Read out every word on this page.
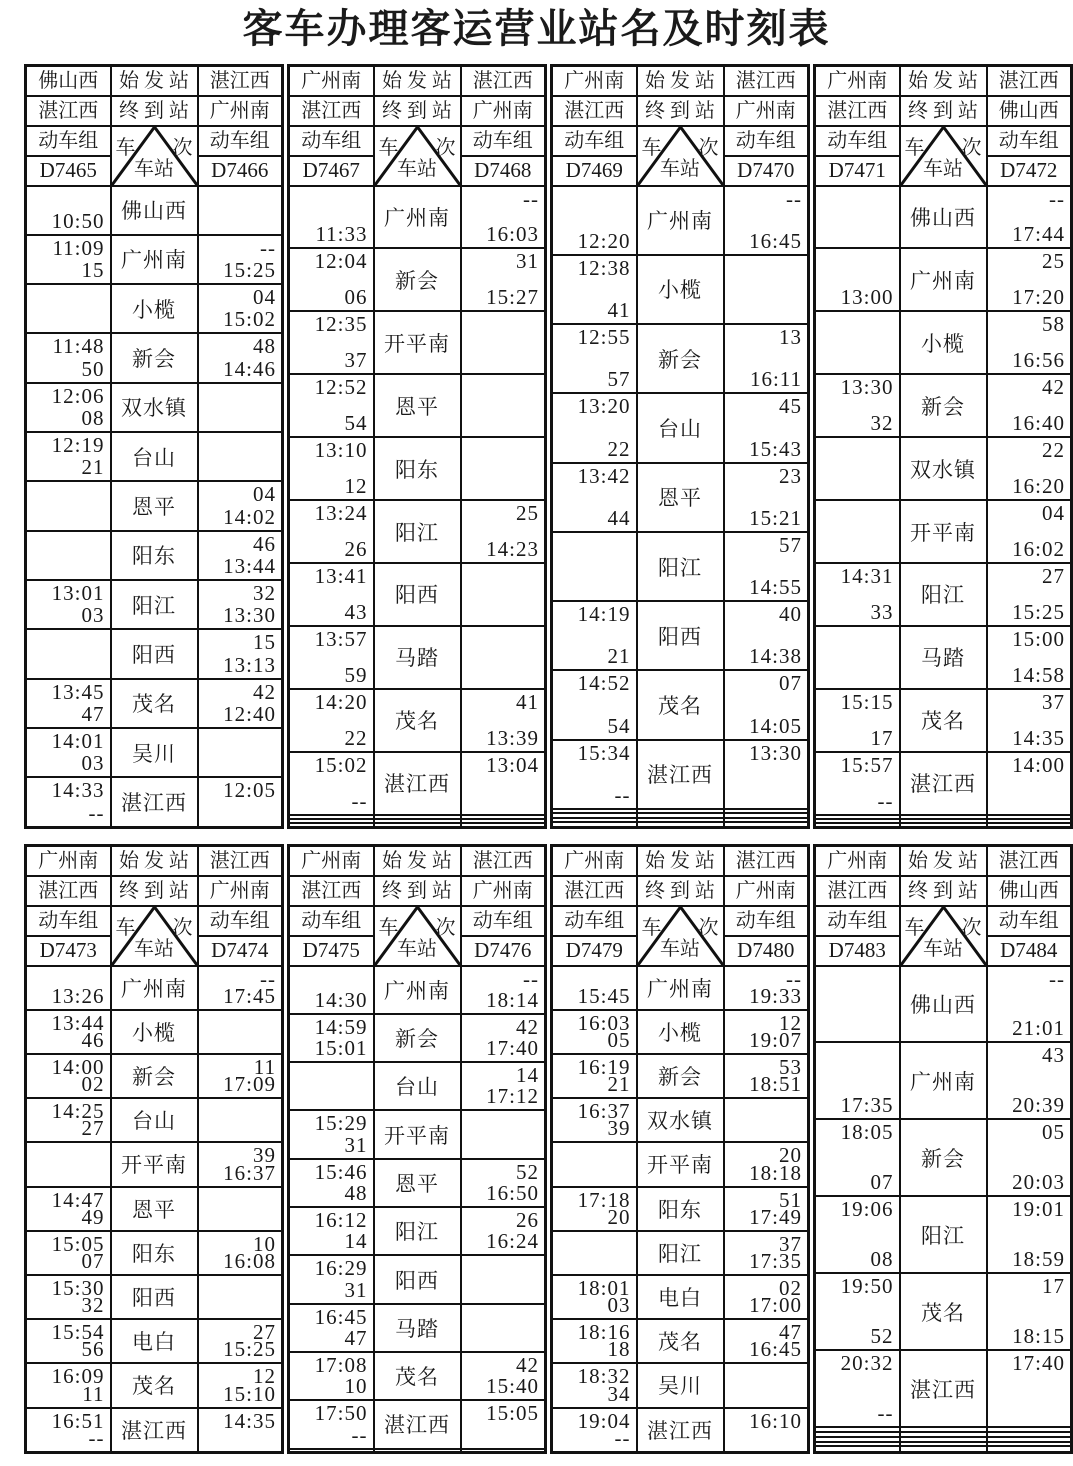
客车办理客运营业站名及时刻表
佛山西	始 发 站	湛江西
湛江西	终 到 站	广州南
动车组	车 次
车站	动车组
D7465		D7466

10:50	佛山西	

11:09
15	广州南	--
15:25

	小榄	04
15:02

11:48
50	新会	48
14:46

12:06
08	双水镇	

12:19
21	台山	

	恩平	04
14:02

	阳东	46
13:44

13:01
03	阳江	32
13:30

	阳西	15
13:13

13:45
47	茂名	42
12:40

14:01
03	吴川	

14:33
--	湛江西	12:05
广州南	始 发 站	湛江西
湛江西	终 到 站	广州南
动车组	车 次
车站	动车组
D7467		D7468

11:33	广州南	--
16:03

12:04
06	新会	31
15:27

12:35
37	开平南	

12:52
54	恩平	

13:10
12	阳东	

13:24
26	阳江	25
14:23

13:41
43	阳西	

13:57
59	马踏	

14:20
22	茂名	41
13:39

15:02
--	湛江西	13:04

广州南	始 发 站	湛江西
湛江西	终 到 站	广州南
动车组	车 次
车站	动车组
D7469		D7470

12:20	广州南	--
16:45

12:38
41	小榄	

12:55
57	新会	13
16:11

13:20
22	台山	45
15:43

13:42
44	恩平	23
15:21

	阳江	57
14:55

14:19
21	阳西	40
14:38

14:52
54	茂名	07
14:05

15:34
--	湛江西	13:30

广州南	始 发 站	湛江西
湛江西	终 到 站	佛山西
动车组	车 次
车站	动车组
D7471		D7472

	佛山西	--
17:44

13:00	广州南	25
17:20

	小榄	58
16:56

13:30
32	新会	42
16:40

	双水镇	22
16:20

	开平南	04
16:02

14:31
33	阳江	27
15:25

	马踏	15:00
14:58

15:15
17	茂名	37
14:35

15:57
--	湛江西	14:00

广州南	始 发 站	湛江西
湛江西	终 到 站	广州南
动车组	车 次
车站	动车组
D7473		D7474

13:26	广州南	--
17:45

13:44
46	小榄	

14:00
02	新会	11
17:09

14:25
27	台山	

	开平南	39
16:37

14:47
49	恩平	

15:05
07	阳东	10
16:08

15:30
32	阳西	

15:54
56	电白	27
15:25

16:09
11	茂名	12
15:10

16:51
--	湛江西	14:35
广州南	始 发 站	湛江西
湛江西	终 到 站	广州南
动车组	车 次
车站	动车组
D7475		D7476

14:30	广州南	--
18:14

14:59
15:01	新会	42
17:40

	台山	14
17:12

15:29
31	开平南	

15:46
48	恩平	52
16:50

16:12
14	阳江	26
16:24

16:29
31	阳西	

16:45
47	马踏	

17:08
10	茂名	42
15:40

17:50
--	湛江西	15:05

广州南	始 发 站	湛江西
湛江西	终 到 站	广州南
动车组	车 次
车站	动车组
D7479		D7480

15:45	广州南	--
19:33

16:03
05	小榄	12
19:07

16:19
21	新会	53
18:51

16:37
39	双水镇	

	开平南	20
18:18

17:18
20	阳东	51
17:49

	阳江	37
17:35

18:01
03	电白	02
17:00

18:16
18	茂名	47
16:45

18:32
34	吴川	

19:04
--	湛江西	16:10
广州南	始 发 站	湛江西
湛江西	终 到 站	佛山西
动车组	车 次
车站	动车组
D7483		D7484

	佛山西	--
21:01

17:35	广州南	43
20:39

18:05
07	新会	05
20:03

19:06
08	阳江	19:01
18:59

19:50
52	茂名	17
18:15

20:32
--	湛江西	17:40
